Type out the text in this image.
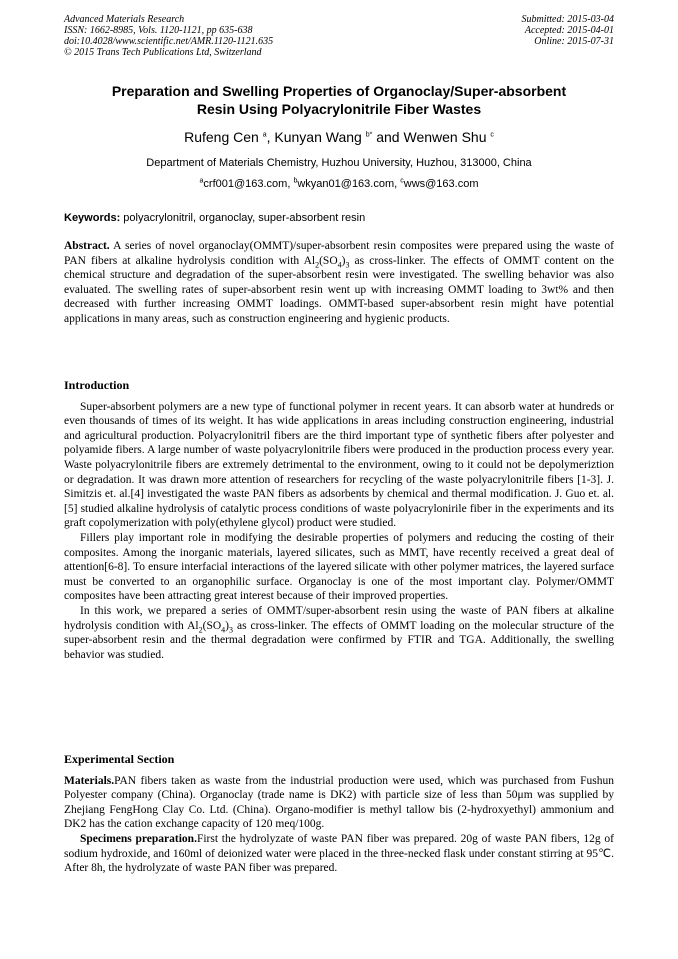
Advanced Materials Research
ISSN: 1662-8985, Vols. 1120-1121, pp 635-638
doi:10.4028/www.scientific.net/AMR.1120-1121.635
© 2015 Trans Tech Publications Ltd, Switzerland
Submitted: 2015-03-04
Accepted: 2015-04-01
Online: 2015-07-31
Preparation and Swelling Properties of Organoclay/Super-absorbent
Resin Using Polyacrylonitrile Fiber Wastes
Rufeng Cen $^a$, Kunyan Wang $^{b*}$ and Wenwen Shu $^c$
Department of Materials Chemistry, Huzhou University, Huzhou, 313000, China
$^a$crf001@163.com, $^b$wkyan01@163.com, $^c$wws@163.com
Keywords: polyacrylonitril, organoclay, super-absorbent resin

Abstract. A series of novel organoclay(OMMT)/super-absorbent resin composites were prepared using the waste of PAN fibers at alkaline hydrolysis condition with $Al_2(SO_4)_3$ as cross-linker. The effects of OMMT content on the chemical structure and degradation of the super-absorbent resin were investigated. The swelling behavior was also evaluated. The swelling rates of super-absorbent resin went up with increasing OMMT loading to 3wt% and then decreased with further increasing OMMT loadings. OMMT-based super-absorbent resin might have potential applications in many areas, such as construction engineering and hygienic products.

Introduction

Super-absorbent polymers are a new type of functional polymer in recent years. It can absorb water at hundreds or even thousands of times of its weight. It has wide applications in areas including construction engineering, industrial and agricultural production. Polyacrylonitril fibers are the third important type of synthetic fibers after polyester and polyamide fibers. A large number of waste polyacrylonitrile fibers were produced in the production process every year. Waste polyacrylonitrile fibers are extremely detrimental to the environment, owing to it could not be depolymeriztion or degradation. It was drawn more attention of researchers for recycling of the waste polyacrylonitrile fibers [1-3]. J. Simitzis et. al.[4] investigated the waste PAN fibers as adsorbents by chemical and thermal modification. J. Guo et. al.[5] studied alkaline hydrolysis of catalytic process conditions of waste polyacrylonirile fiber in the experiments and its graft copolymerization with poly(ethylene glycol) product were studied.

Fillers play important role in modifying the desirable properties of polymers and reducing the costing of their composites. Among the inorganic materials, layered silicates, such as MMT, have recently received a great deal of attention[6-8]. To ensure interfacial interactions of the layered silicate with other polymer matrices, the layered surface must be converted to an organophilic surface. Organoclay is one of the most important clay. Polymer/OMMT composites have been attracting great interest because of their improved properties.

In this work, we prepared a series of OMMT/super-absorbent resin using the waste of PAN fibers at alkaline hydrolysis condition with $Al_2(SO_4)_3$ as cross-linker. The effects of OMMT loading on the molecular structure of the super-absorbent resin and the thermal degradation were confirmed by FTIR and TGA. Additionally, the swelling behavior was studied.

Experimental Section

Materials.PAN fibers taken as waste from the industrial production were used, which was purchased from Fushun Polyester company (China). Organoclay (trade name is DK2) with particle size of less than 50μm was supplied by Zhejiang FengHong Clay Co. Ltd. (China). Organo-modifier is methyl tallow bis (2-hydroxyethyl) ammonium and DK2 has the cation exchange capacity of 120 meq/100g.

Specimens preparation.First the hydrolyzate of waste PAN fiber was prepared. 20g of waste PAN fibers, 12g of sodium hydroxide, and 160ml of deionized water were placed in the three-necked flask under constant stirring at 95℃. After 8h, the hydrolyzate of waste PAN fiber was prepared.
